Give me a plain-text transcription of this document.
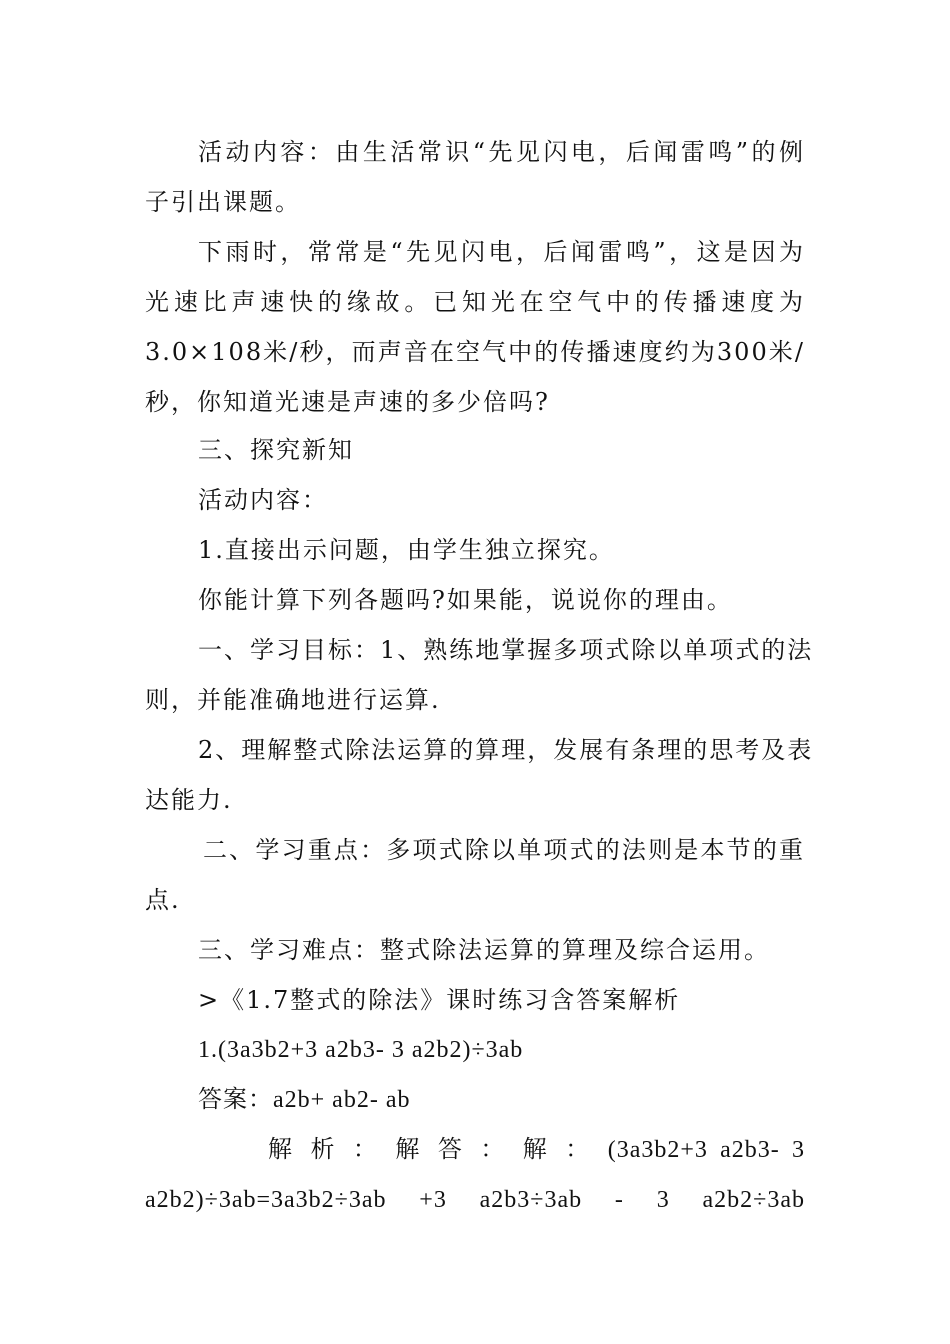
活动内容：由生活常识“先见闪电，后闻雷鸣”的例
子引出课题。
下雨时，常常是“先见闪电，后闻雷鸣”，这是因为
光速比声速快的缘故。已知光在空气中的传播速度为
3.0×108米/秒，而声音在空气中的传播速度约为300米/
秒，你知道光速是声速的多少倍吗?
三、探究新知
活动内容：
1.直接出示问题，由学生独立探究。
你能计算下列各题吗?如果能，说说你的理由。
一、学习目标：1、熟练地掌握多项式除以单项式的法
则，并能准确地进行运算.
2、理解整式除法运算的算理，发展有条理的思考及表
达能力.
二、学习重点：多项式除以单项式的法则是本节的重
点.
三、学习难点：整式除法运算的算理及综合运用。
>《1.7整式的除法》课时练习含答案解析
1.(3a3b2+3 a2b3- 3 a2b2)÷3ab
答案：a2b+ ab2- ab
解 析 ： 解 答 ： 解 ： (3a3b2+3 a2b3- 3
a2b2)÷3ab=3a3b2÷3ab +3 a2b3÷3ab - 3 a2b2÷3ab
